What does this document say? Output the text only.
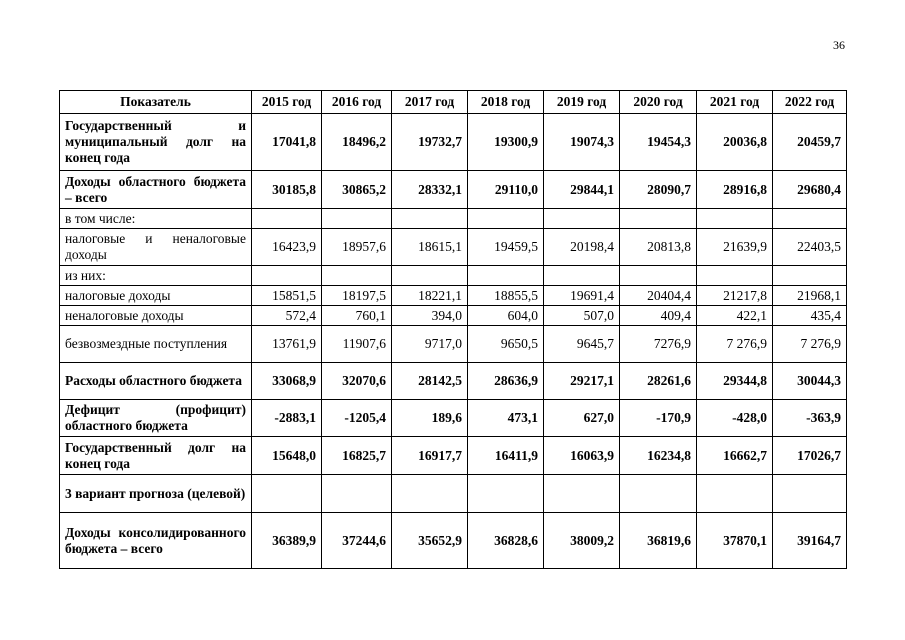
36
Показатель	2015 год	2016 год	2017 год	2018 год	2019 год	2020 год	2021 год	2022 год
Государственный и муниципальный долг на конец года	17041,8	18496,2	19732,7	19300,9	19074,3	19454,3	20036,8	20459,7
Доходы областного бюджета – всего	30185,8	30865,2	28332,1	29110,0	29844,1	28090,7	28916,8	29680,4
в том числе:								
налоговые и неналоговые доходы	16423,9	18957,6	18615,1	19459,5	20198,4	20813,8	21639,9	22403,5
из них:								
налоговые доходы	15851,5	18197,5	18221,1	18855,5	19691,4	20404,4	21217,8	21968,1
неналоговые доходы	572,4	760,1	394,0	604,0	507,0	409,4	422,1	435,4
безвозмездные поступления	13761,9	11907,6	9717,0	9650,5	9645,7	7276,9	7 276,9	7 276,9
Расходы областного бюджета	33068,9	32070,6	28142,5	28636,9	29217,1	28261,6	29344,8	30044,3
Дефицит (профицит) областного бюджета	-2883,1	-1205,4	189,6	473,1	627,0	-170,9	-428,0	-363,9
Государственный долг на конец года	15648,0	16825,7	16917,7	16411,9	16063,9	16234,8	16662,7	17026,7
3 вариант прогноза (целевой)								
Доходы консолидированного бюджета – всего	36389,9	37244,6	35652,9	36828,6	38009,2	36819,6	37870,1	39164,7
